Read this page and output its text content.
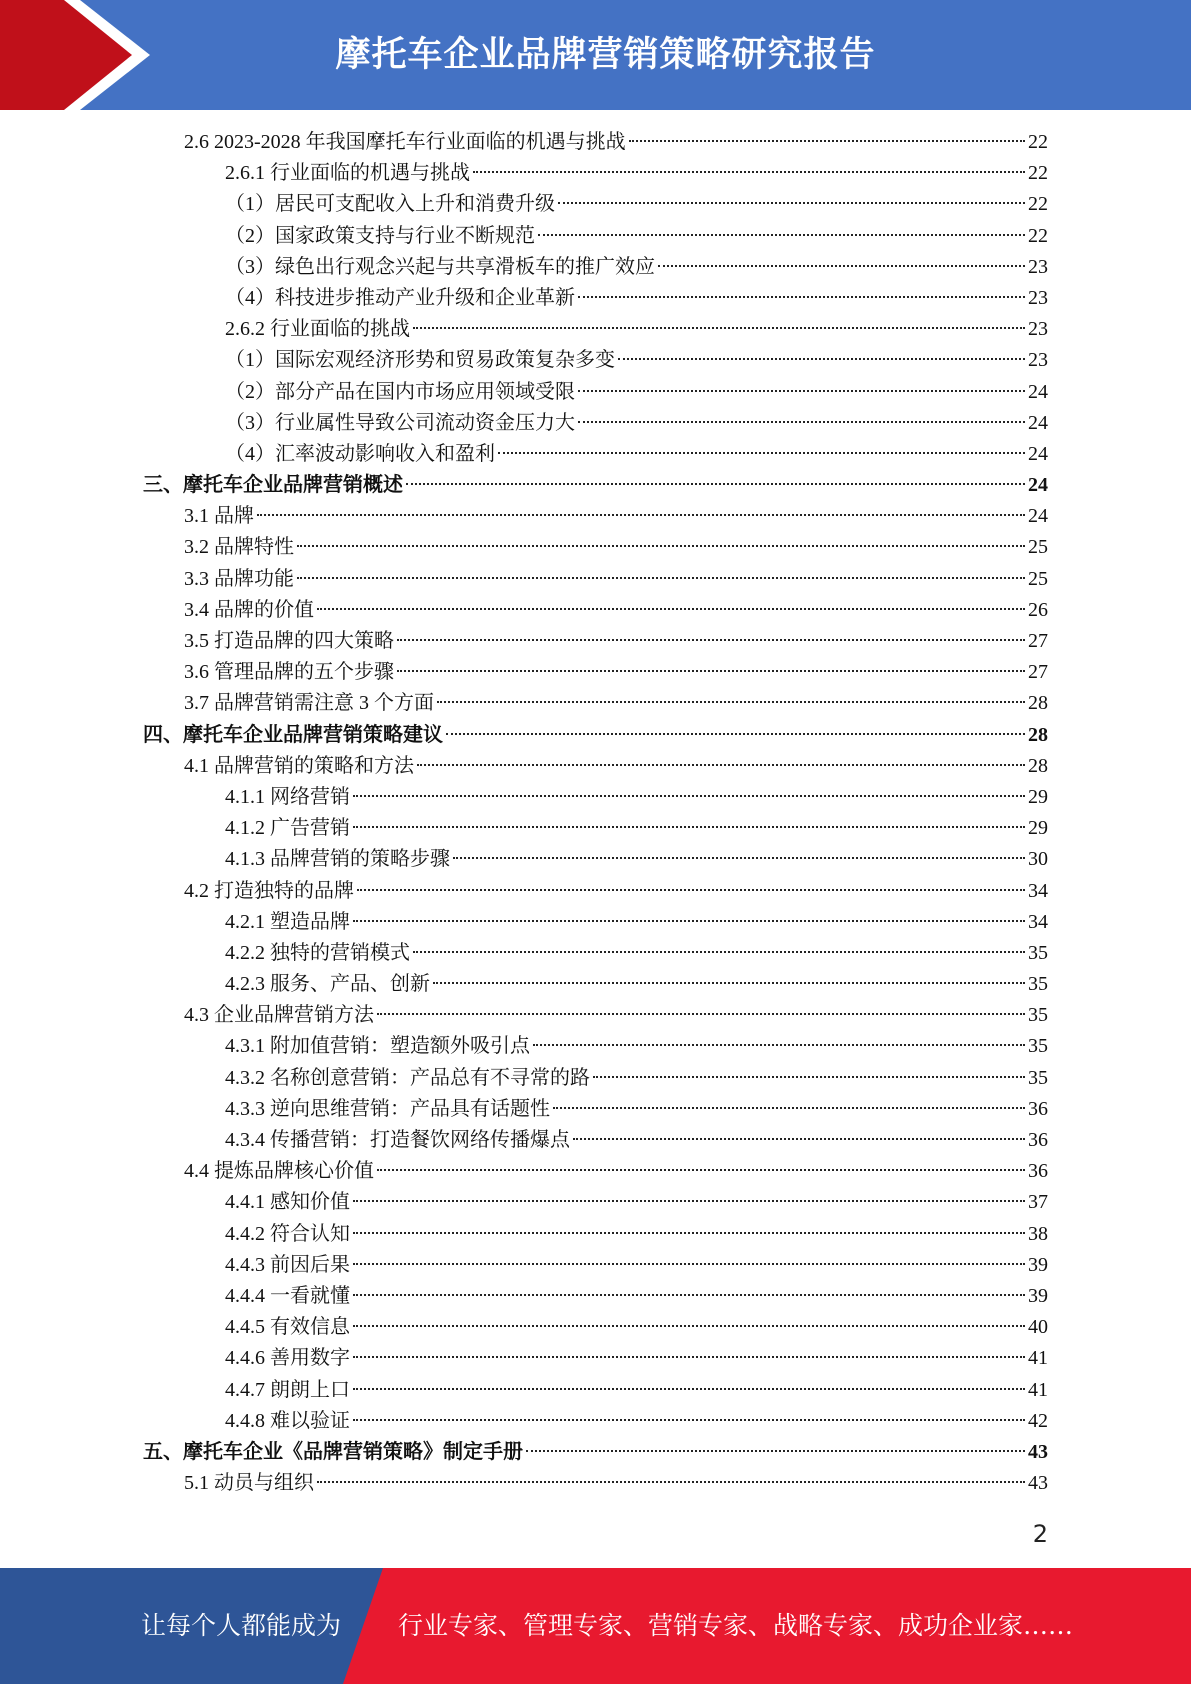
摩托车企业品牌营销策略研究报告
2.6 2023-2028 年我国摩托车行业面临的机遇与挑战	22
2.6.1 行业面临的机遇与挑战	22
（1）居民可支配收入上升和消费升级	22
（2）国家政策支持与行业不断规范	22
（3）绿色出行观念兴起与共享滑板车的推广效应	23
（4）科技进步推动产业升级和企业革新	23
2.6.2 行业面临的挑战	23
（1）国际宏观经济形势和贸易政策复杂多变	23
（2）部分产品在国内市场应用领域受限	24
（3）行业属性导致公司流动资金压力大	24
（4）汇率波动影响收入和盈利	24
三、摩托车企业品牌营销概述	24
3.1 品牌	24
3.2 品牌特性	25
3.3 品牌功能	25
3.4 品牌的价值	26
3.5 打造品牌的四大策略	27
3.6 管理品牌的五个步骤	27
3.7 品牌营销需注意 3 个方面	28
四、摩托车企业品牌营销策略建议	28
4.1 品牌营销的策略和方法	28
4.1.1 网络营销	29
4.1.2 广告营销	29
4.1.3 品牌营销的策略步骤	30
4.2 打造独特的品牌	34
4.2.1 塑造品牌	34
4.2.2 独特的营销模式	35
4.2.3 服务、产品、创新	35
4.3 企业品牌营销方法	35
4.3.1 附加值营销：塑造额外吸引点	35
4.3.2 名称创意营销：产品总有不寻常的路	35
4.3.3 逆向思维营销：产品具有话题性	36
4.3.4 传播营销：打造餐饮网络传播爆点	36
4.4 提炼品牌核心价值	36
4.4.1 感知价值	37
4.4.2 符合认知	38
4.4.3 前因后果	39
4.4.4 一看就懂	39
4.4.5 有效信息	40
4.4.6 善用数字	41
4.4.7 朗朗上口	41
4.4.8 难以验证	42
五、摩托车企业《品牌营销策略》制定手册	43
5.1 动员与组织	43
2
让每个人都能成为 行业专家、管理专家、营销专家、战略专家、成功企业家……
